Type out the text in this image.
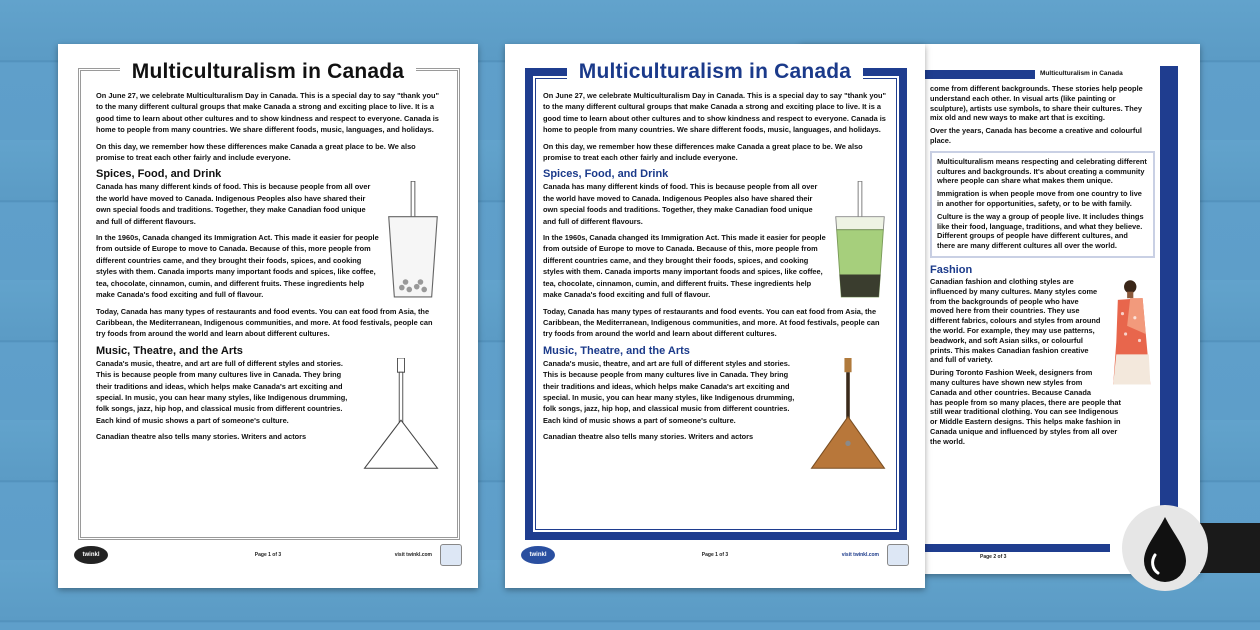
Multiculturalism in Canada

come from different backgrounds. These stories help people understand each other. In visual arts (like painting or sculpture), artists use symbols, to share their cultures. They mix old and new ways to make art that is exciting.

Over the years, Canada has become a creative and colourful place.

Multiculturalism means respecting and celebrating different cultures and backgrounds. It's about creating a community where people can share what makes them unique.

Immigration is when people move from one country to live in another for opportunities, safety, or to be with family.

Culture is the way a group of people live. It includes things like their food, language, traditions, and what they believe. Different groups of people have different cultures, and there are many different cultures all over the world.

Fashion

Canadian fashion and clothing styles are influenced by many cultures. Many styles come from the backgrounds of people who have moved here from their countries. They use different fabrics, colours and styles from around the world. For example, they may use patterns, beadwork, and soft Asian silks, or colourful prints. This makes Canadian fashion creative and full of variety.

During Toronto Fashion Week, designers from many cultures have shown new styles from Canada and other countries. Because Canada has people from so many places, there are people that still wear traditional clothing. You can see Indigenous or Middle Eastern designs. This helps make fashion in Canada unique and influenced by styles from all over the world.

Page 2 of 3
Multiculturalism in Canada

On June 27, we celebrate Multiculturalism Day in Canada. This is a special day to say "thank you" to the many different cultural groups that make Canada a strong and exciting place to live. It is a good time to learn about other cultures and to show kindness and respect to everyone. Canada is home to people from many countries. We share different foods, music, languages, and holidays.

On this day, we remember how these differences make Canada a great place to be. We also promise to treat each other fairly and include everyone.

Spices, Food, and Drink

Canada has many different kinds of food. This is because people from all over the world have moved to Canada. Indigenous Peoples also have shared their own special foods and traditions. Together, they make Canadian food unique and full of different flavours.

In the 1960s, Canada changed its Immigration Act. This made it easier for people from outside of Europe to move to Canada. Because of this, more people from different countries came, and they brought their foods, spices, and cooking styles with them. Canada imports many important foods and spices, like coffee, tea, chocolate, cinnamon, cumin, and different fruits. These ingredients help make Canada's food exciting and full of flavour.

Today, Canada has many types of restaurants and food events. You can eat food from Asia, the Caribbean, the Mediterranean, Indigenous communities, and more. At food festivals, people can try foods from around the world and learn about different cultures.

Music, Theatre, and the Arts

Canada's music, theatre, and art are full of different styles and stories. This is because people from many cultures live in Canada. They bring their traditions and ideas, which helps make Canada's art exciting and special. In music, you can hear many styles, like Indigenous drumming, folk songs, jazz, hip hop, and classical music from different countries. Each kind of music shows a part of someone's culture.

Canadian theatre also tells many stories. Writers and actors

twinkl	Page 1 of 3	visit twinkl.com
Multiculturalism in Canada

On June 27, we celebrate Multiculturalism Day in Canada. This is a special day to say "thank you" to the many different cultural groups that make Canada a strong and exciting place to live. It is a good time to learn about other cultures and to show kindness and respect to everyone. Canada is home to people from many countries. We share different foods, music, languages, and holidays.

On this day, we remember how these differences make Canada a great place to be. We also promise to treat each other fairly and include everyone.

Spices, Food, and Drink

Canada has many different kinds of food. This is because people from all over the world have moved to Canada. Indigenous Peoples also have shared their own special foods and traditions. Together, they make Canadian food unique and full of different flavours.

In the 1960s, Canada changed its Immigration Act. This made it easier for people from outside of Europe to move to Canada. Because of this, more people from different countries came, and they brought their foods, spices, and cooking styles with them. Canada imports many important foods and spices, like coffee, tea, chocolate, cinnamon, cumin, and different fruits. These ingredients help make Canada's food exciting and full of flavour.

Today, Canada has many types of restaurants and food events. You can eat food from Asia, the Caribbean, the Mediterranean, Indigenous communities, and more. At food festivals, people can try foods from around the world and learn about different cultures.

Music, Theatre, and the Arts

Canada's music, theatre, and art are full of different styles and stories. This is because people from many cultures live in Canada. They bring their traditions and ideas, which helps make Canada's art exciting and special. In music, you can hear many styles, like Indigenous drumming, folk songs, jazz, hip hop, and classical music from different countries. Each kind of music shows a part of someone's culture.

Canadian theatre also tells many stories. Writers and actors

twinkl	Page 1 of 3	visit twinkl.com
